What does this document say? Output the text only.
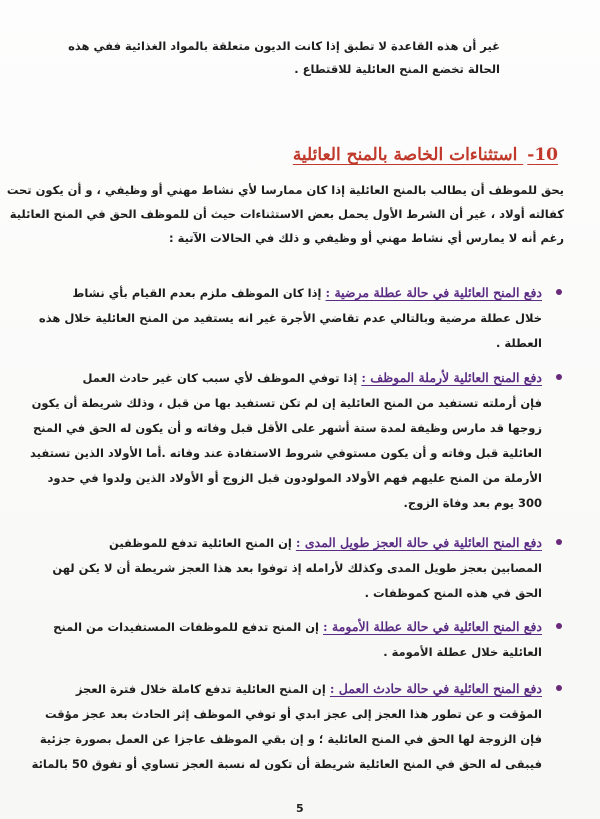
غير أن هذه القاعدة لا تطبق إذا كانت الديون متعلقة بالمواد الغذائية ففي هذه
الحالة تخضع المنح العائلية للاقتطاع .
10- استثناءات الخاصة بالمنح العائلية
يحق للموظف أن يطالب بالمنح العائلية إذا كان ممارسا لأي نشاط مهني أو وظيفي ، و أن يكون تحت
كفالته أولاد ، غير أن الشرط الأول يحمل بعض الاستثناءات حيث أن للموظف الحق في المنح العائلية
رغم أنه لا يمارس أي نشاط مهني أو وظيفي و ذلك في الحالات الآتية :
دفع المنح العائلية في حالة عطلة مرضية : إذا كان الموظف ملزم بعدم القيام بأي نشاط
خلال عطلة مرضية وبالتالي عدم تقاضي الأجرة غير انه يستفيد من المنح العائلية خلال هذه
العطلة .
دفع المنح العائلية لأرملة الموظف : إذا توفي الموظف لأي سبب كان غير حادث العمل
فإن أرملته تستفيد من المنح العائلية إن لم تكن تستفيد بها من قبل ، وذلك شريطة أن يكون
زوجها قد مارس وظيفة لمدة ستة أشهر على الأقل قبل وفاته و أن يكون له الحق في المنح
العائلية قبل وفاته و أن يكون مستوفي شروط الاستفادة عند وفاته .أما الأولاد الذين تستفيد
الأرملة من المنح عليهم فهم الأولاد المولودون قبل الزوج أو الأولاد الذين ولدوا في حدود
300 يوم بعد وفاة الزوج.
دفع المنح العائلية في حالة العجز طويل المدى : إن المنح العائلية تدفع للموظفين
المصابين بعجز طويل المدى وكذلك لأرامله إذ توفوا بعد هذا العجز شريطة أن لا يكن لهن
الحق في هذه المنح كموظفات .
دفع المنح العائلية في حالة عطلة الأمومة : إن المنح تدفع للموظفات المستفيدات من المنح
العائلية خلال عطلة الأمومة .
دفع المنح العائلية في حالة حادث العمل : إن المنح العائلية تدفع كاملة خلال فترة العجز
المؤقت و عن تطور هذا العجز إلى عجز ابدي أو توفي الموظف إثر الحادث بعد عجز مؤقت
فإن الزوجة لها الحق في المنح العائلية ؛ و إن بقي الموظف عاجزا عن العمل بصورة جزئية
فيبقى له الحق في المنح العائلية شريطة أن تكون له نسبة العجز تساوي أو تفوق 50 بالمائة
5
